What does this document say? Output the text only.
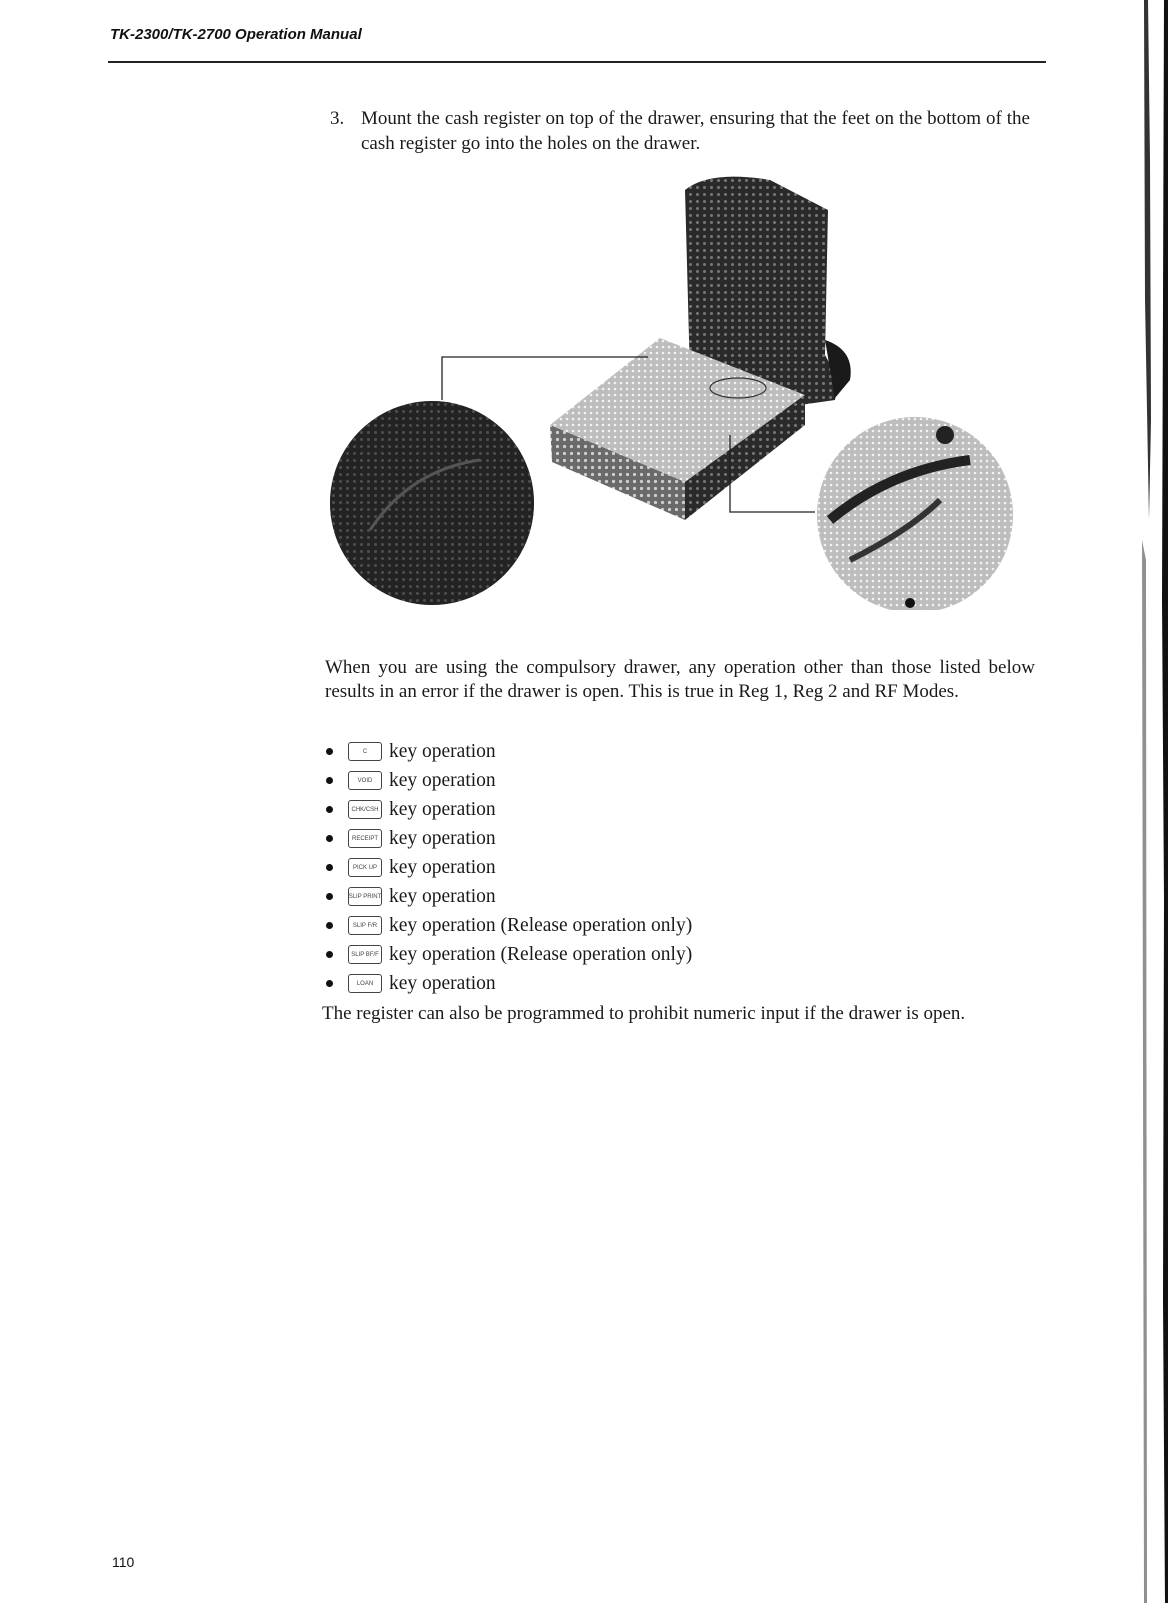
TK-2300/TK-2700 Operation Manual
3. Mount the cash register on top of the drawer, ensuring that the feet on the bottom of the cash register go into the holes on the drawer.
When you are using the compulsory drawer, any operation other than those listed below results in an error if the drawer is open. This is true in Reg 1, Reg 2 and RF Modes.
C	key operation
VOID key operation
CHK/CSH key operation
RECEIPT key operation
PICK UP key operation
SLIP PRINT key operation
SLIP F/R key operation (Release operation only)
SLIP BF/F key operation (Release operation only)
LOAN key operation
The register can also be programmed to prohibit numeric input if the drawer is open.
110
